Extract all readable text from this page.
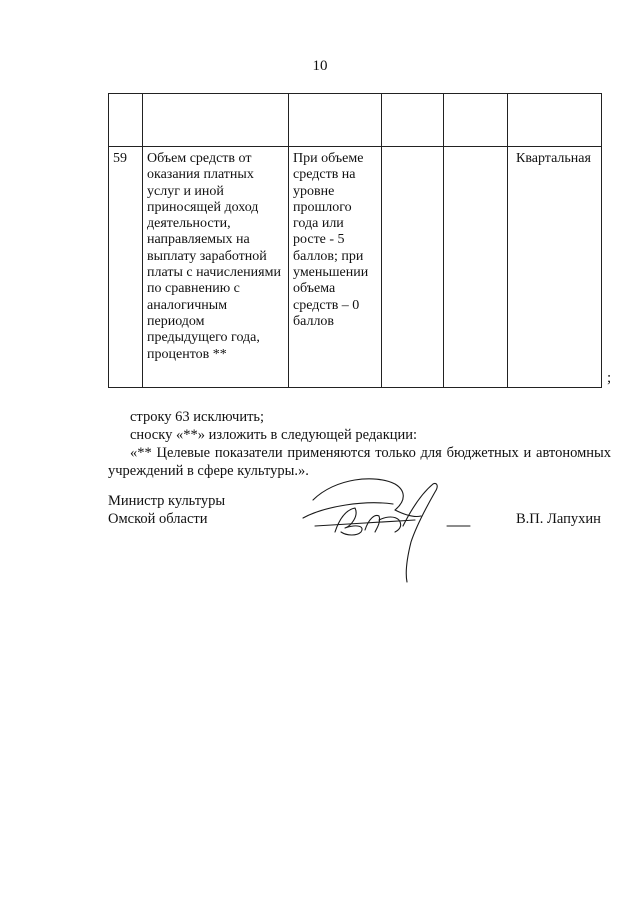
10

59	Объем средств от оказания платных услуг и иной приносящей доход деятельности, направляемых на выплату заработной платы с начислениями по сравнению с аналогичным периодом предыдущего года, процентов **	При объеме средств на уровне прошлого года или росте - 5 баллов; при уменьшении объема средств – 0 баллов			Квартальная
;
строку 63 исключить;
сноску «**» изложить в следующей редакции:
«** Целевые показатели применяются только для бюджетных и автономных учреждений в сфере культуры.».
Министр культуры
Омской области	В.П. Лапухин
